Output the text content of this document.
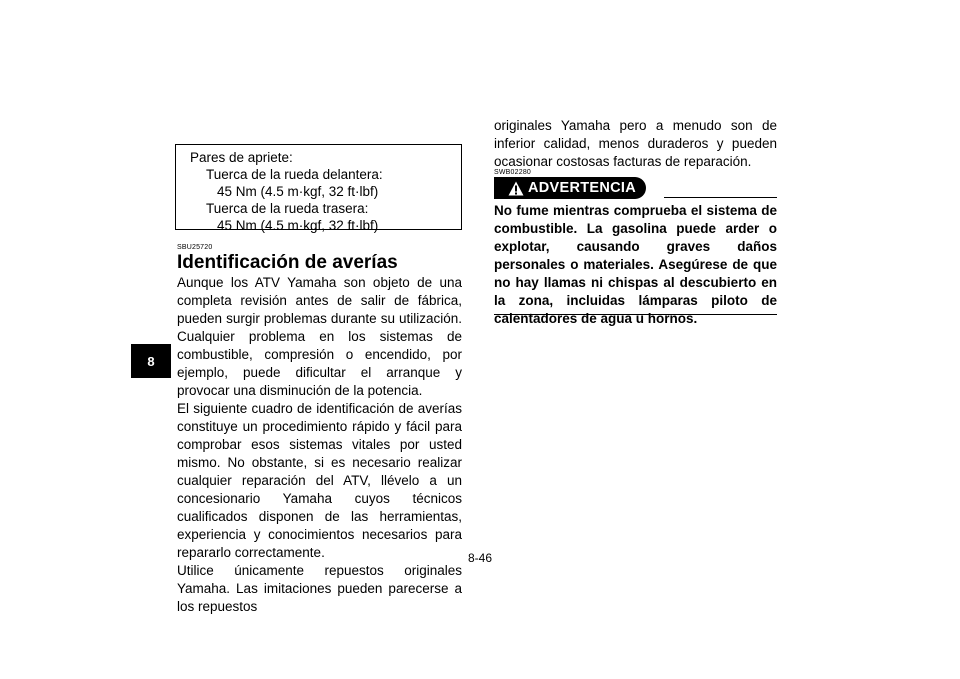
8
Pares de apriete:
Tuerca de la rueda delantera:
45 Nm (4.5 m·kgf, 32 ft·lbf)
Tuerca de la rueda trasera:
45 Nm (4.5 m·kgf, 32 ft·lbf)
SBU25720
Identificación de averías

Aunque los ATV Yamaha son objeto de una completa revisión antes de salir de fábrica, pueden surgir problemas durante su utilización. Cualquier problema en los sistemas de combustible, compresión o encendido, por ejemplo, puede dificultar el arranque y provocar una disminución de la potencia.

El siguiente cuadro de identificación de averías constituye un procedimiento rápido y fácil para comprobar esos sistemas vitales por usted mismo. No obstante, si es necesario realizar cualquier reparación del ATV, llévelo a un concesionario Yamaha cuyos técnicos cualificados disponen de las herramientas, experiencia y conocimientos necesarios para repararlo correctamente.

Utilice únicamente repuestos originales Yamaha. Las imitaciones pueden parecerse a los repuestos

originales Yamaha pero a menudo son de inferior calidad, menos duraderos y pueden ocasionar costosas facturas de reparación.

SWB02280
ADVERTENCIA
No fume mientras comprueba el sistema de combustible. La gasolina puede arder o explotar, causando graves daños personales o materiales. Asegúrese de que no hay llamas ni chispas al descubierto en la zona, incluidas lámparas piloto de calentadores de agua u hornos.
8-46
